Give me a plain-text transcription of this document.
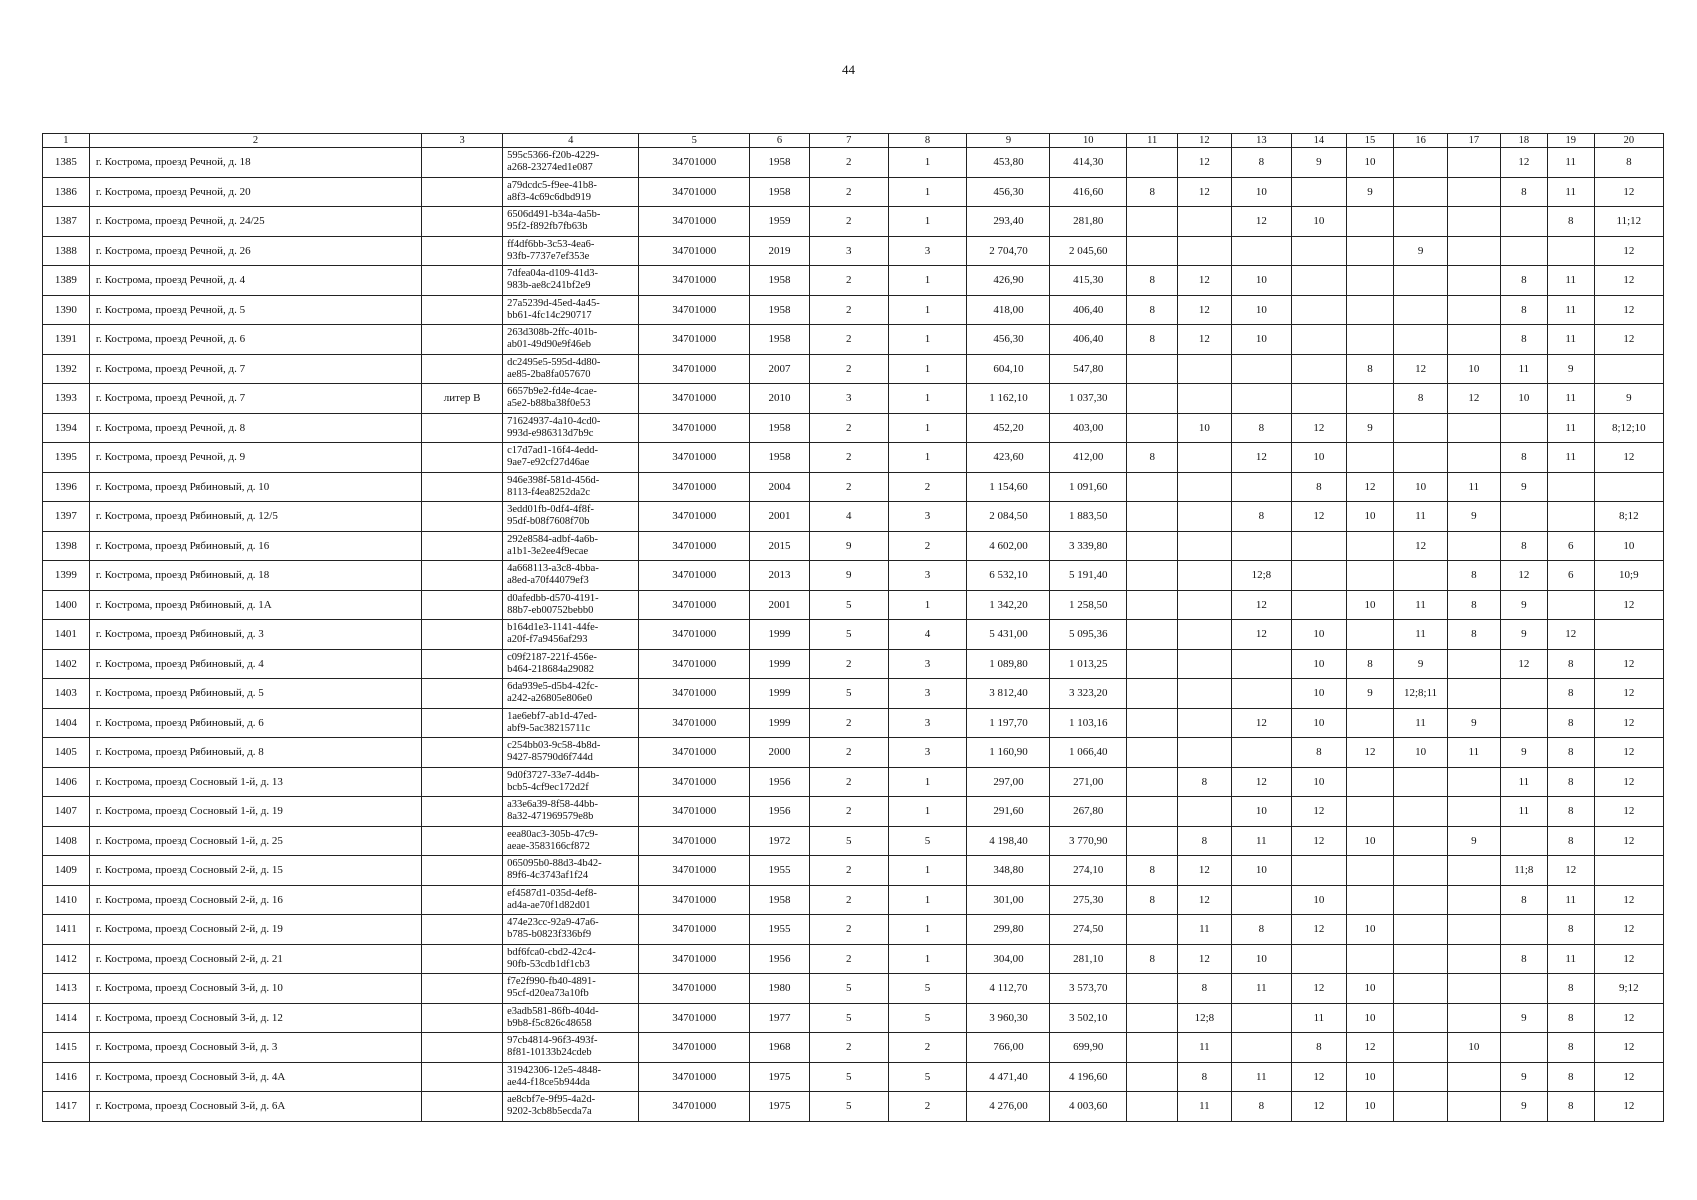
44
1	2	3	4	5	6	7	8	9	10	11	12	13	14	15	16	17	18	19	20
1385	г. Кострома, проезд Речной, д. 18		595c5366-f20b-4229-
a268-23274ed1e087	34701000	1958	2	1	453,80	414,30		12	8	9	10			12	11	8
1386	г. Кострома, проезд Речной, д. 20		a79dcdc5-f9ee-41b8-
a8f3-4c69c6dbd919	34701000	1958	2	1	456,30	416,60	8	12	10		9			8	11	12
1387	г. Кострома, проезд Речной, д. 24/25		6506d491-b34a-4a5b-
95f2-f892fb7fb63b	34701000	1959	2	1	293,40	281,80			12	10					8	11;12
1388	г. Кострома, проезд Речной, д. 26		ff4df6bb-3c53-4ea6-
93fb-7737e7ef353e	34701000	2019	3	3	2 704,70	2 045,60						9				12
1389	г. Кострома, проезд Речной, д. 4		7dfea04a-d109-41d3-
983b-ae8c241bf2e9	34701000	1958	2	1	426,90	415,30	8	12	10					8	11	12
1390	г. Кострома, проезд Речной, д. 5		27a5239d-45ed-4a45-
bb61-4fc14c290717	34701000	1958	2	1	418,00	406,40	8	12	10					8	11	12
1391	г. Кострома, проезд Речной, д. 6		263d308b-2ffc-401b-
ab01-49d90e9f46eb	34701000	1958	2	1	456,30	406,40	8	12	10					8	11	12
1392	г. Кострома, проезд Речной, д. 7		dc2495e5-595d-4d80-
ae85-2ba8fa057670	34701000	2007	2	1	604,10	547,80					8	12	10	11	9	
1393	г. Кострома, проезд Речной, д. 7	литер В	6657b9e2-fd4e-4cae-
a5e2-b88ba38f0e53	34701000	2010	3	1	1 162,10	1 037,30						8	12	10	11	9
1394	г. Кострома, проезд Речной, д. 8		71624937-4a10-4cd0-
993d-e986313d7b9c	34701000	1958	2	1	452,20	403,00		10	8	12	9				11	8;12;10
1395	г. Кострома, проезд Речной, д. 9		c17d7ad1-16f4-4edd-
9ae7-e92cf27d46ae	34701000	1958	2	1	423,60	412,00	8		12	10				8	11	12
1396	г. Кострома, проезд Рябиновый, д. 10		946e398f-581d-456d-
8113-f4ea8252da2c	34701000	2004	2	2	1 154,60	1 091,60				8	12	10	11	9		
1397	г. Кострома, проезд Рябиновый, д. 12/5		3edd01fb-0df4-4f8f-
95df-b08f7608f70b	34701000	2001	4	3	2 084,50	1 883,50			8	12	10	11	9			8;12
1398	г. Кострома, проезд Рябиновый, д. 16		292e8584-adbf-4a6b-
a1b1-3e2ee4f9ecae	34701000	2015	9	2	4 602,00	3 339,80						12		8	6	10
1399	г. Кострома, проезд Рябиновый, д. 18		4a668113-a3c8-4bba-
a8ed-a70f44079ef3	34701000	2013	9	3	6 532,10	5 191,40			12;8				8	12	6	10;9
1400	г. Кострома, проезд Рябиновый, д. 1А		d0afedbb-d570-4191-
88b7-eb00752bebb0	34701000	2001	5	1	1 342,20	1 258,50			12		10	11	8	9		12
1401	г. Кострома, проезд Рябиновый, д. 3		b164d1e3-1141-44fe-
a20f-f7a9456af293	34701000	1999	5	4	5 431,00	5 095,36			12	10		11	8	9	12	
1402	г. Кострома, проезд Рябиновый, д. 4		c09f2187-221f-456e-
b464-218684a29082	34701000	1999	2	3	1 089,80	1 013,25				10	8	9		12	8	12
1403	г. Кострома, проезд Рябиновый, д. 5		6da939e5-d5b4-42fc-
a242-a26805e806e0	34701000	1999	5	3	3 812,40	3 323,20				10	9	12;8;11			8	12
1404	г. Кострома, проезд Рябиновый, д. 6		1ae6ebf7-ab1d-47ed-
abf9-5ac38215711c	34701000	1999	2	3	1 197,70	1 103,16			12	10		11	9		8	12
1405	г. Кострома, проезд Рябиновый, д. 8		c254bb03-9c58-4b8d-
9427-85790d6f744d	34701000	2000	2	3	1 160,90	1 066,40				8	12	10	11	9	8	12
1406	г. Кострома, проезд Сосновый 1-й, д. 13		9d0f3727-33e7-4d4b-
bcb5-4cf9ec172d2f	34701000	1956	2	1	297,00	271,00		8	12	10				11	8	12
1407	г. Кострома, проезд Сосновый 1-й, д. 19		a33e6a39-8f58-44bb-
8a32-471969579e8b	34701000	1956	2	1	291,60	267,80			10	12				11	8	12
1408	г. Кострома, проезд Сосновый 1-й, д. 25		eea80ac3-305b-47c9-
aeae-3583166cf872	34701000	1972	5	5	4 198,40	3 770,90		8	11	12	10		9		8	12
1409	г. Кострома, проезд Сосновый 2-й, д. 15		065095b0-88d3-4b42-
89f6-4c3743af1f24	34701000	1955	2	1	348,80	274,10	8	12	10					11;8	12	
1410	г. Кострома, проезд Сосновый 2-й, д. 16		ef4587d1-035d-4ef8-
ad4a-ae70f1d82d01	34701000	1958	2	1	301,00	275,30	8	12		10				8	11	12
1411	г. Кострома, проезд Сосновый 2-й, д. 19		474e23cc-92a9-47a6-
b785-b0823f336bf9	34701000	1955	2	1	299,80	274,50		11	8	12	10				8	12
1412	г. Кострома, проезд Сосновый 2-й, д. 21		bdf6fca0-cbd2-42c4-
90fb-53cdb1df1cb3	34701000	1956	2	1	304,00	281,10	8	12	10					8	11	12
1413	г. Кострома, проезд Сосновый 3-й, д. 10		f7e2f990-fb40-4891-
95cf-d20ea73a10fb	34701000	1980	5	5	4 112,70	3 573,70		8	11	12	10				8	9;12
1414	г. Кострома, проезд Сосновый 3-й, д. 12		e3adb581-86fb-404d-
b9b8-f5c826c48658	34701000	1977	5	5	3 960,30	3 502,10		12;8		11	10			9	8	12
1415	г. Кострома, проезд Сосновый 3-й, д. 3		97cb4814-96f3-493f-
8f81-10133b24cdeb	34701000	1968	2	2	766,00	699,90		11		8	12		10		8	12
1416	г. Кострома, проезд Сосновый 3-й, д. 4А		31942306-12e5-4848-
ae44-f18ce5b944da	34701000	1975	5	5	4 471,40	4 196,60		8	11	12	10			9	8	12
1417	г. Кострома, проезд Сосновый 3-й, д. 6А		ae8cbf7e-9f95-4a2d-
9202-3cb8b5ecda7a	34701000	1975	5	2	4 276,00	4 003,60		11	8	12	10			9	8	12
